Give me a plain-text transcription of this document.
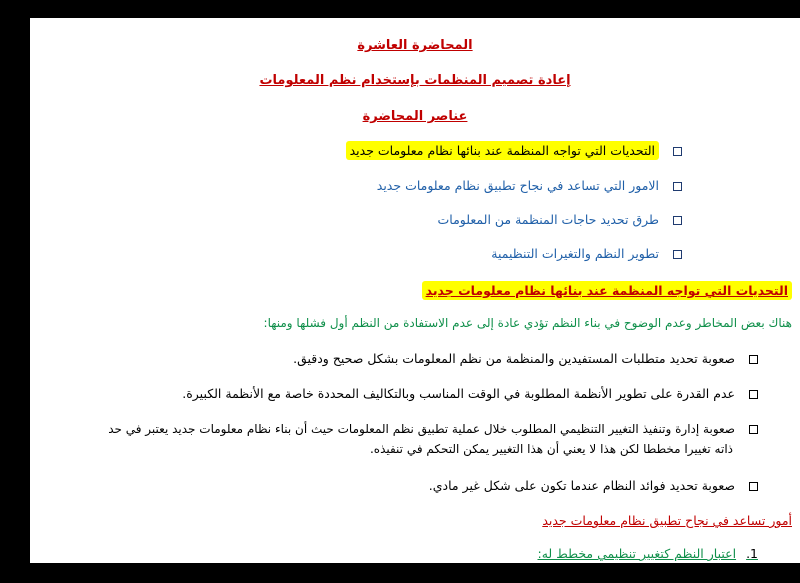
المحاضرة العاشرة
إعادة تصميم المنظمات بإستخدام نظم المعلومات
عناصر المحاضرة
التحديات التي تواجه المنظمة عند بنائها نظام معلومات جديد
الامور التي تساعد في نجاح تطبيق نظام معلومات جديد
طرق تحديد حاجات المنظمة من المعلومات
تطوير النظم والتغيرات التنظيمية
التحديات التي تواجه المنظمة عند بنائها نظام معلومات جديد
هناك بعض المخاطر وعدم الوضوح في بناء النظم تؤدي عادة إلى عدم الاستفادة من النظم أول فشلها ومنها:
صعوبة تحديد متطلبات المستفيدين والمنظمة من نظم المعلومات بشكل صحيح ودقيق.
عدم القدرة على تطوير الأنظمة المطلوبة في الوقت المناسب وبالتكاليف المحددة خاصة مع الأنظمة الكبيرة.
صعوبة إدارة وتنفيذ التغيير التنظيمي المطلوب خلال عملية تطبيق نظم المعلومات حيث أن بناء نظام معلومات جديد يعتبر في حد
ذاته تغييرا مخططا لكن هذا لا يعني أن هذا التغيير يمكن التحكم في تنفيذه.
صعوبة تحديد فوائد النظام عندما تكون على شكل غير مادي.
أمور تساعد في نجاح تطبيق نظام معلومات جديد
1.اعتبار النظم كتغيير تنظيمي مخطط له:
